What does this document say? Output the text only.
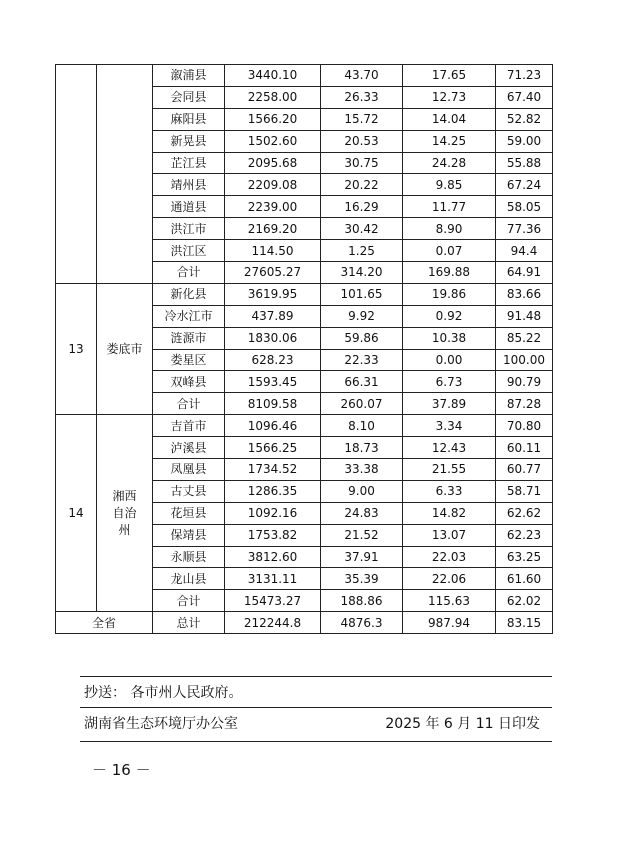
		溆浦县	3440.10	43.70	17.65	71.23
		会同县	2258.00	26.33	12.73	67.40
		麻阳县	1566.20	15.72	14.04	52.82
		新晃县	1502.60	20.53	14.25	59.00
		芷江县	2095.68	30.75	24.28	55.88
		靖州县	2209.08	20.22	9.85	67.24
		通道县	2239.00	16.29	11.77	58.05
		洪江市	2169.20	30.42	8.90	77.36
		洪江区	114.50	1.25	0.07	94.4
		合计	27605.27	314.20	169.88	64.91
13	娄底市	新化县	3619.95	101.65	19.86	83.66
		冷水江市	437.89	9.92	0.92	91.48
		涟源市	1830.06	59.86	10.38	85.22
		娄星区	628.23	22.33	0.00	100.00
		双峰县	1593.45	66.31	6.73	90.79
		合计	8109.58	260.07	37.89	87.28
14	湘西自治州	吉首市	1096.46	8.10	3.34	70.80
		泸溪县	1566.25	18.73	12.43	60.11
		凤凰县	1734.52	33.38	21.55	60.77
		古丈县	1286.35	9.00	6.33	58.71
		花垣县	1092.16	24.83	14.82	62.62
		保靖县	1753.82	21.52	13.07	62.23
		永顺县	3812.60	37.91	22.03	63.25
		龙山县	3131.11	35.39	22.06	61.60
		合计	15473.27	188.86	115.63	62.02
全省		总计	212244.8	4876.3	987.94	83.15
抄送： 各市州人民政府。
湖南省生态环境厅办公室	2025 年 6 月 11 日印发
－ 16 －
